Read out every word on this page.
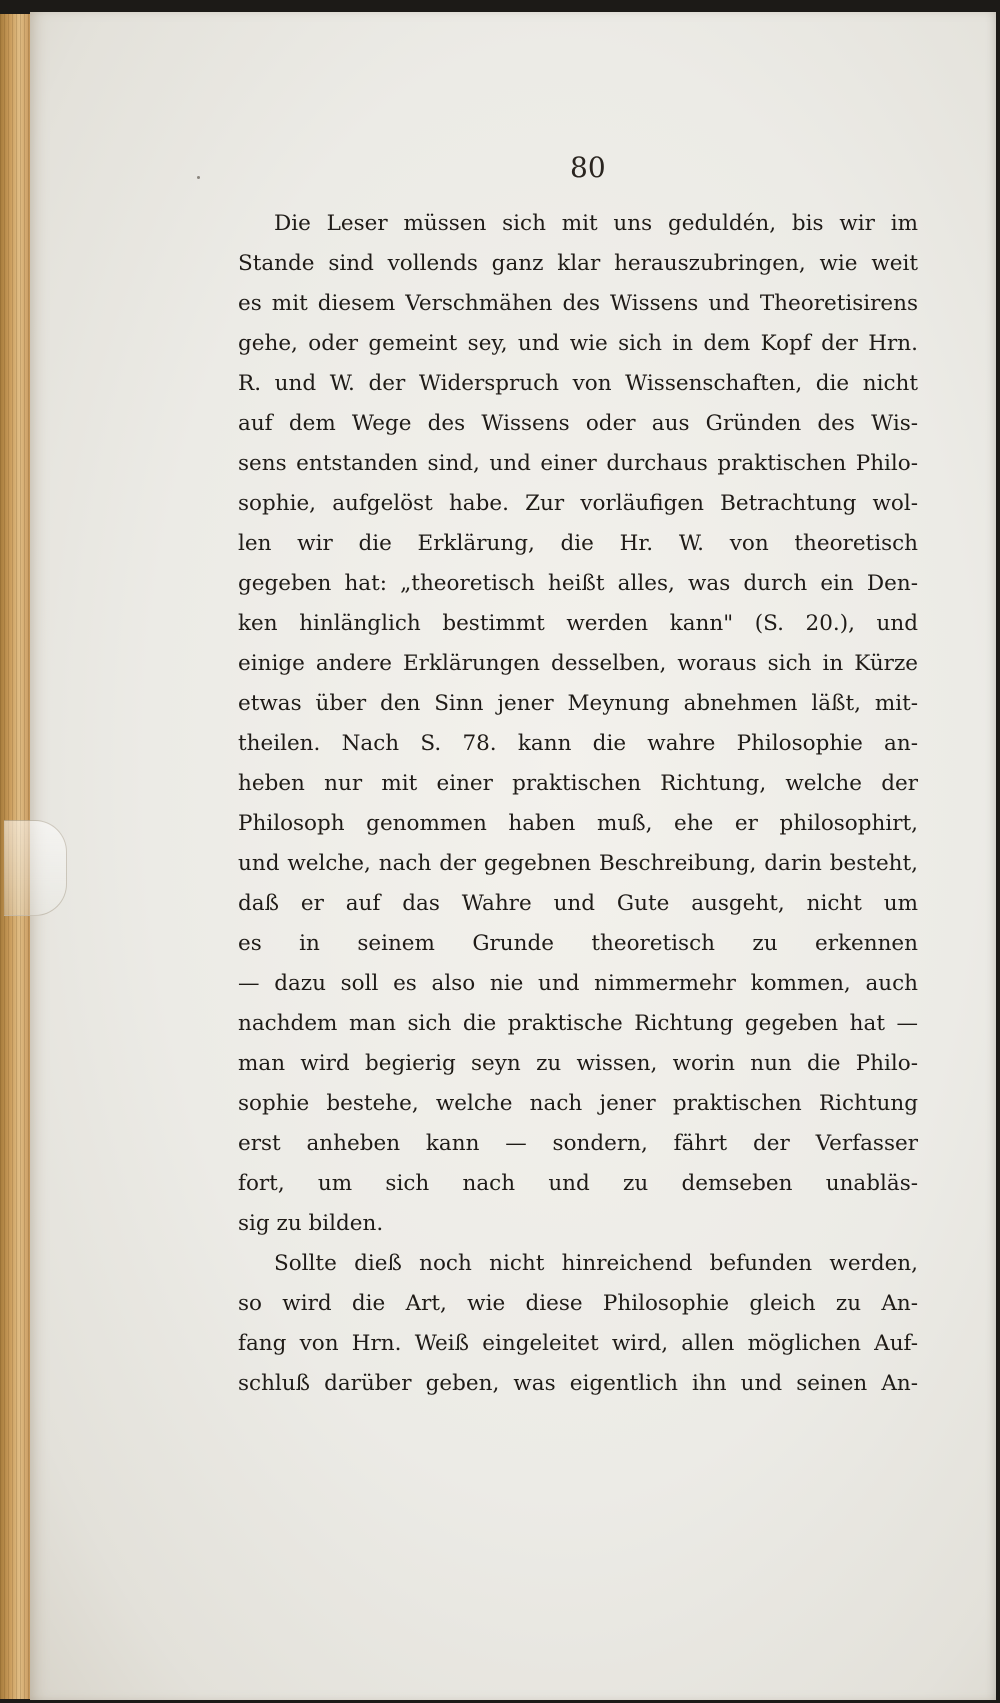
80
Die Leser müssen sich mit uns geduldén, bis wir im
Stande sind vollends ganz klar herauszubringen, wie weit
es mit diesem Verschmähen des Wissens und Theoretisirens
gehe, oder gemeint sey, und wie sich in dem Kopf der Hrn.
R. und W. der Widerspruch von Wissenschaften, die nicht
auf dem Wege des Wissens oder aus Gründen des Wis-
sens entstanden sind, und einer durchaus praktischen Philo-
sophie, aufgelöst habe. Zur vorläufigen Betrachtung wol-
len wir die Erklärung, die Hr. W. von theoretisch
gegeben hat: „theoretisch heißt alles, was durch ein Den-
ken hinlänglich bestimmt werden kann" (S. 20.), und
einige andere Erklärungen desselben, woraus sich in Kürze
etwas über den Sinn jener Meynung abnehmen läßt, mit-
theilen. Nach S. 78. kann die wahre Philosophie an-
heben nur mit einer praktischen Richtung, welche der
Philosoph genommen haben muß, ehe er philosophirt,
und welche, nach der gegebnen Beschreibung, darin besteht,
daß er auf das Wahre und Gute ausgeht, nicht um
es in seinem Grunde theoretisch zu erkennen
— dazu soll es also nie und nimmermehr kommen, auch
nachdem man sich die praktische Richtung gegeben hat —
man wird begierig seyn zu wissen, worin nun die Philo-
sophie bestehe, welche nach jener praktischen Richtung
erst anheben kann — sondern, fährt der Verfasser
fort, um sich nach und zu demseben unabläs-
sig zu bilden.
Sollte dieß noch nicht hinreichend befunden werden,
so wird die Art, wie diese Philosophie gleich zu An-
fang von Hrn. Weiß eingeleitet wird, allen möglichen Auf-
schluß darüber geben, was eigentlich ihn und seinen An-
